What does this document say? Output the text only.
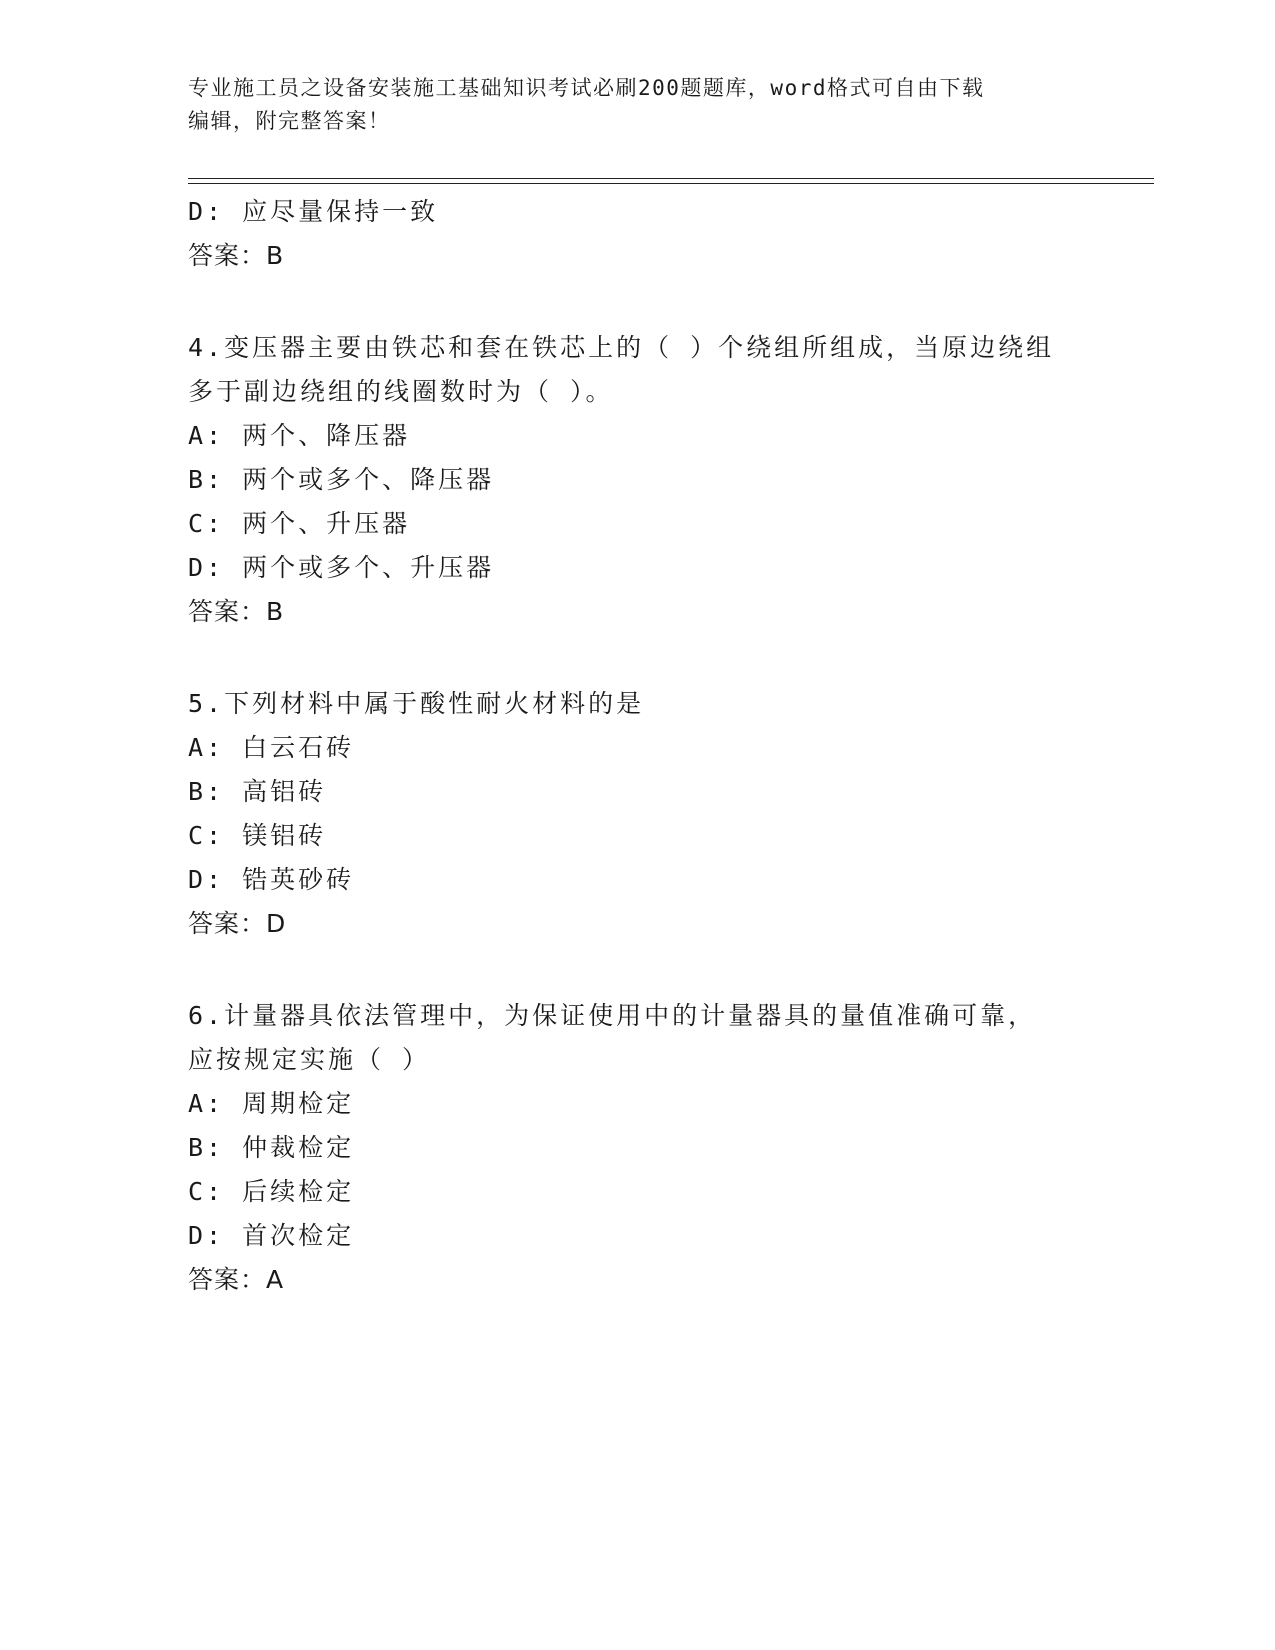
专业施工员之设备安装施工基础知识考试必刷200题题库，word格式可自由下载
编辑，附完整答案！
D: 应尽量保持一致
答案：B
4.变压器主要由铁芯和套在铁芯上的（ ）个绕组所组成，当原边绕组
多于副边绕组的线圈数时为（ ）。
A: 两个、降压器
B: 两个或多个、降压器
C: 两个、升压器
D: 两个或多个、升压器
答案：B
5.下列材料中属于酸性耐火材料的是
A: 白云石砖
B: 高铝砖
C: 镁铝砖
D: 锆英砂砖
答案：D
6.计量器具依法管理中，为保证使用中的计量器具的量值准确可靠，
应按规定实施（ ）
A: 周期检定
B: 仲裁检定
C: 后续检定
D: 首次检定
答案：A
